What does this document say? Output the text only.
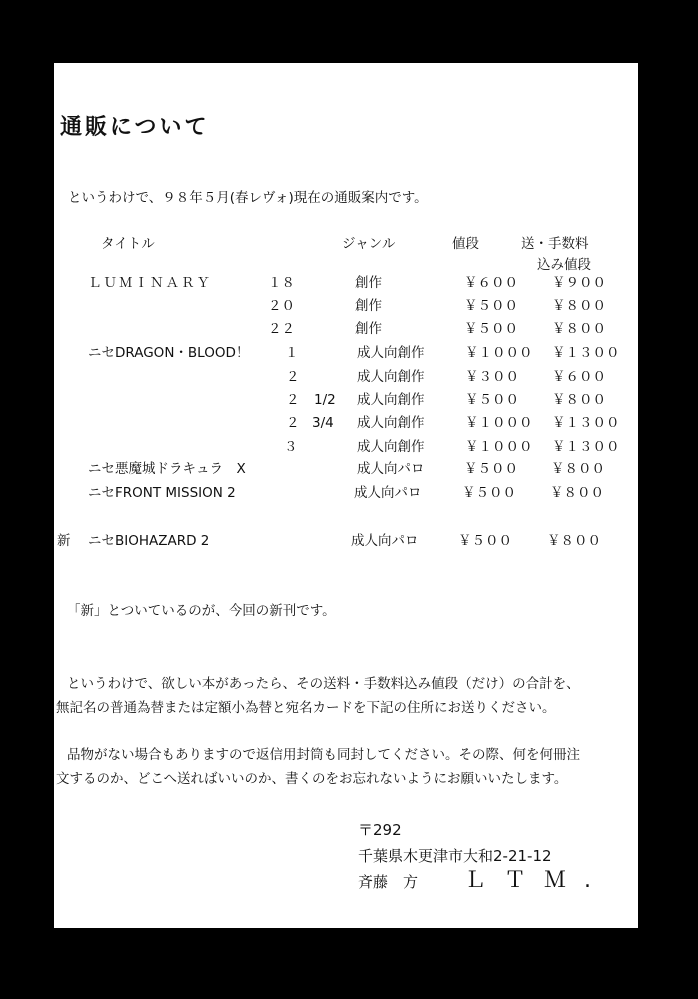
通販について
というわけで、９８年５月(春レヴォ)現在の通販案内です。
タイトル	ジャンル	値段	送・手数料
込み値段
ＬＵＭＩＮＡＲＹ	１８	創作	￥６００	￥９００
２０	創作	￥５００	￥８００
２２	創作	￥５００	￥８００
ニセDRAGON・BLOOD！	１	成人向創作	￥１０００ ￥１３００
２	成人向創作	￥３００ ￥６００
２ 1/2 成人向創作	￥５００ ￥８００
２ 3/4 成人向創作	￥１０００ ￥１３００
３	成人向創作	￥１０００ ￥１３００
ニセ悪魔城ドラキュラ　X	成人向パロ	￥５００ ￥８００
ニセFRONT MISSION 2	成人向パロ	￥５００	￥８００
新 ニセBIOHAZARD 2	成人向パロ	￥５００	￥８００
「新」とついているのが、今回の新刊です。
というわけで、欲しい本があったら、その送料・手数料込み値段（だけ）の合計を、
無記名の普通為替または定額小為替と宛名カードを下記の住所にお送りください。
品物がない場合もありますので返信用封筒も同封してください。その際、何を何冊注
文するのか、どこへ送ればいいのか、書くのをお忘れないようにお願いいたします。
〒292
千葉県木更津市大和2-21-12
斉藤　方 ＬＴＭ.
